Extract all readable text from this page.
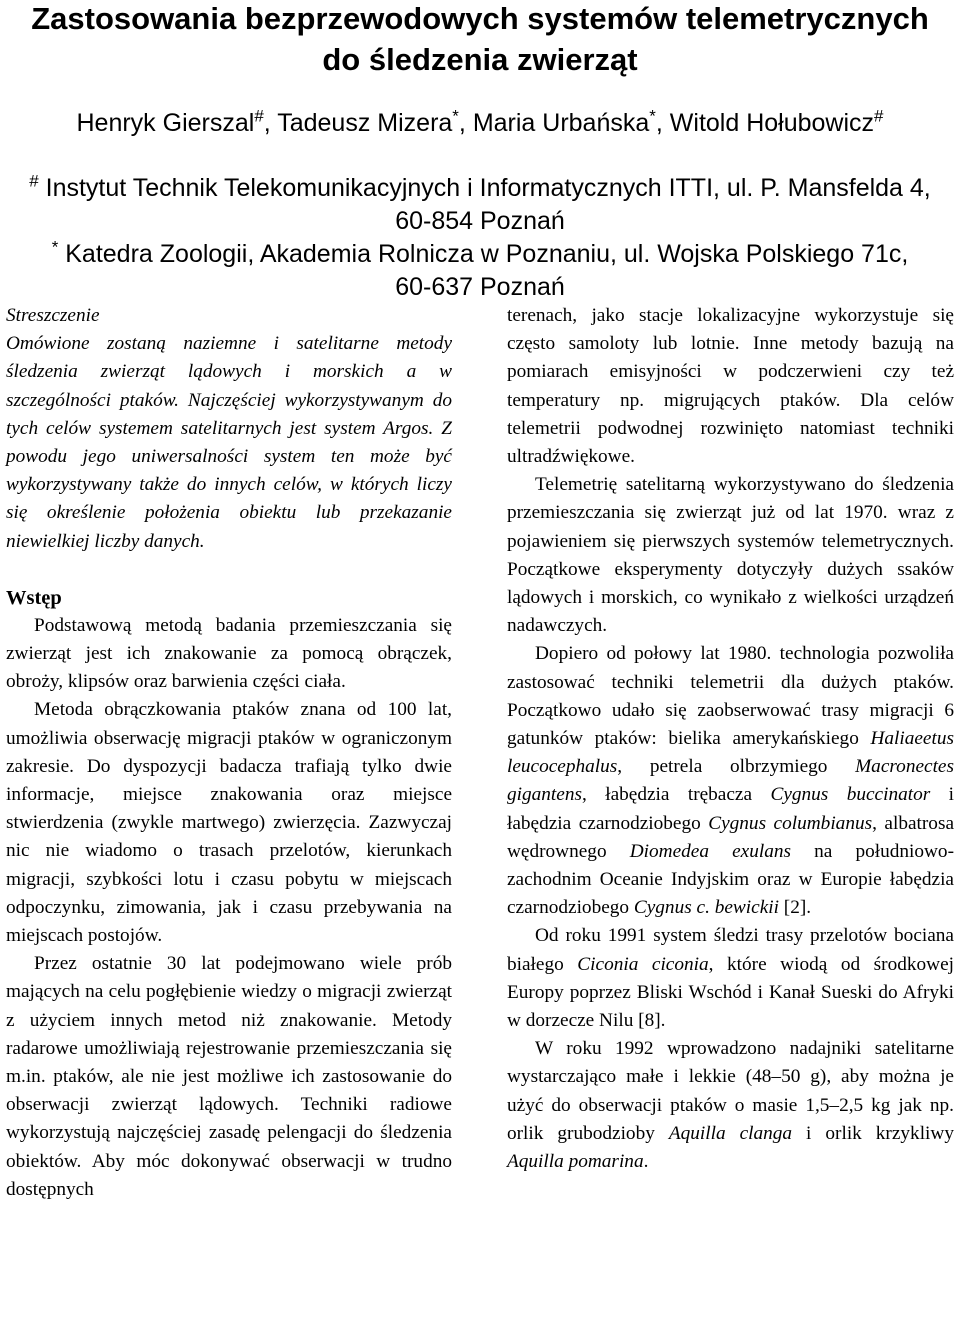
Zastosowania bezprzewodowych systemów telemetrycznych
do śledzenia zwierząt
Henryk Gierszal#, Tadeusz Mizera*, Maria Urbańska*, Witold Hołubowicz#
# Instytut Technik Telekomunikacyjnych i Informatycznych ITTI, ul. P. Mansfelda 4,
60-854 Poznań
* Katedra Zoologii, Akademia Rolnicza w Poznaniu, ul. Wojska Polskiego 71c,
60-637 Poznań
Streszczenie

Omówione zostaną naziemne i satelitarne metody śledzenia zwierząt lądowych i morskich a w szczególności ptaków. Najczęściej wykorzystywanym do tych celów systemem satelitarnych jest system Argos. Z powodu jego uniwersalności system ten może być wykorzystywany także do innych celów, w których liczy się określenie położenia obiektu lub przekazanie niewielkiej liczby danych.

Wstęp

Podstawową metodą badania przemieszczania się zwierząt jest ich znakowanie za pomocą obrączek, obroży, klipsów oraz barwienia części ciała.

Metoda obrączkowania ptaków znana od 100 lat, umożliwia obserwację migracji ptaków w ograniczonym zakresie. Do dyspozycji badacza trafiają tylko dwie informacje, miejsce znakowania oraz miejsce stwierdzenia (zwykle martwego) zwierzęcia. Zazwyczaj nic nie wiadomo o trasach przelotów, kierunkach migracji, szybkości lotu i czasu pobytu w miejscach odpoczynku, zimowania, jak i czasu przebywania na miejscach postojów.

Przez ostatnie 30 lat podejmowano wiele prób mających na celu pogłębienie wiedzy o migracji zwierząt z użyciem innych metod niż znakowanie. Metody radarowe umożliwiają rejestrowanie przemieszczania się m.in. ptaków, ale nie jest możliwe ich zastosowanie do obserwacji zwierząt lądowych. Techniki radiowe wykorzystują najczęściej zasadę pelengacji do śledzenia obiektów. Aby móc dokonywać obserwacji w trudno dostępnych

terenach, jako stacje lokalizacyjne wykorzystuje się często samoloty lub lotnie. Inne metody bazują na pomiarach emisyjności w podczerwieni czy też temperatury np. migrujących ptaków. Dla celów telemetrii podwodnej rozwinięto natomiast techniki ultradźwiękowe.

Telemetrię satelitarną wykorzystywano do śledzenia przemieszczania się zwierząt już od lat 1970. wraz z pojawieniem się pierwszych systemów telemetrycznych. Początkowe eksperymenty dotyczyły dużych ssaków lądowych i morskich, co wynikało z wielkości urządzeń nadawczych.

Dopiero od połowy lat 1980. technologia pozwoliła zastosować techniki telemetrii dla dużych ptaków. Początkowo udało się zaobserwować trasy migracji 6 gatunków ptaków: bielika amerykańskiego Haliaeetus leucocephalus, petrela olbrzymiego Macronectes gigantens, łabędzia trębacza Cygnus buccinator i łabędzia czarnodziobego Cygnus columbianus, albatrosa wędrownego Diomedea exulans na południowo-zachodnim Oceanie Indyjskim oraz w Europie łabędzia czarnodziobego Cygnus c. bewickii [2].

Od roku 1991 system śledzi trasy przelotów bociana białego Ciconia ciconia, które wiodą od środkowej Europy poprzez Bliski Wschód i Kanał Sueski do Afryki w dorzecze Nilu [8].

W roku 1992 wprowadzono nadajniki satelitarne wystarczająco małe i lekkie (48–50 g), aby można je użyć do obserwacji ptaków o masie 1,5–2,5 kg jak np. orlik grubodzioby Aquilla clanga i orlik krzykliwy Aquilla pomarina.
